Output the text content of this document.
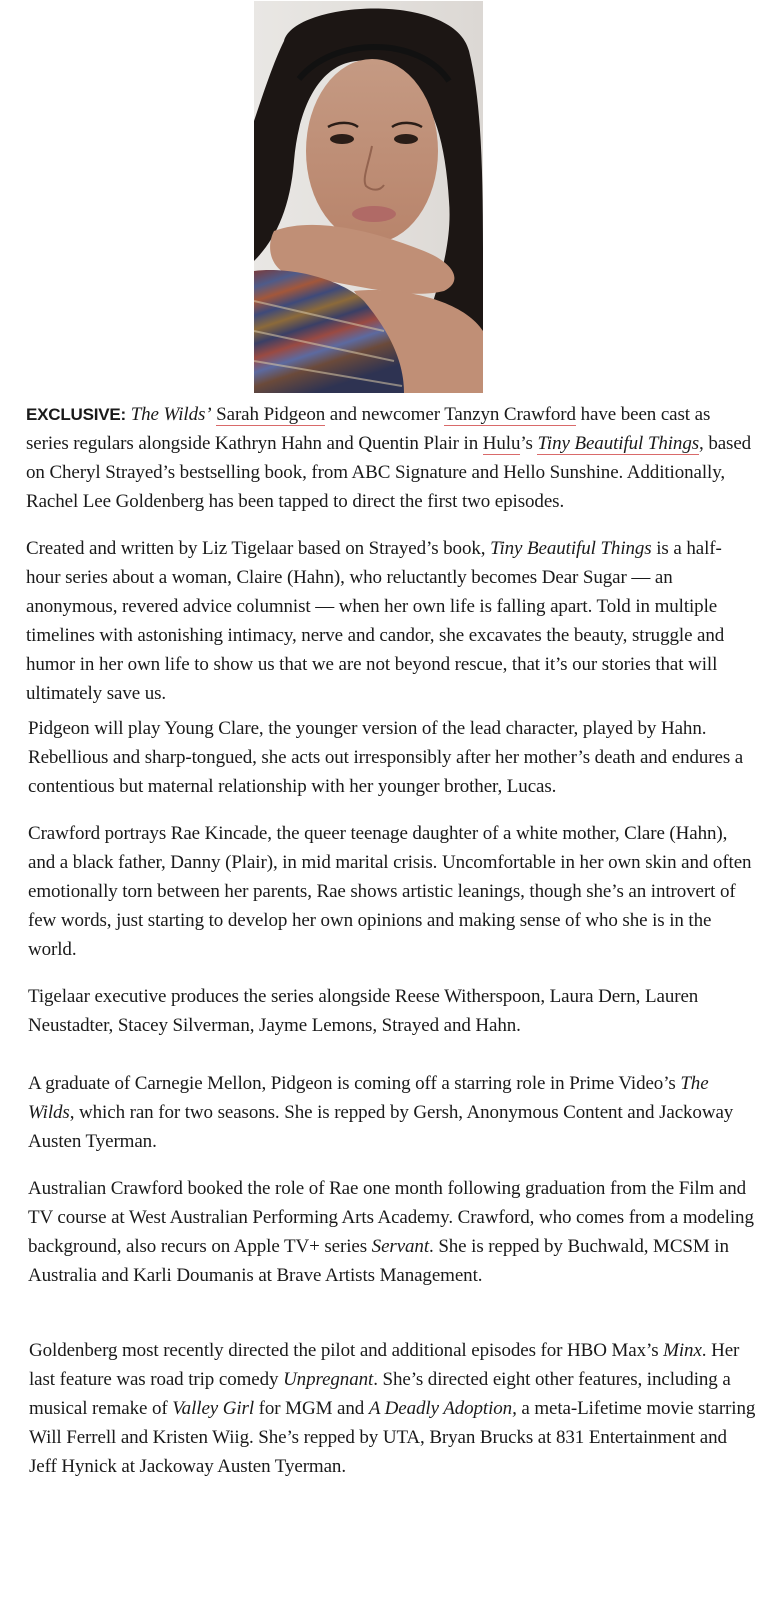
EXCLUSIVE: The Wilds’ Sarah Pidgeon and newcomer Tanzyn Crawford have been cast as series regulars alongside Kathryn Hahn and Quentin Plair in Hulu’s Tiny Beautiful Things, based on Cheryl Strayed’s bestselling book, from ABC Signature and Hello Sunshine. Additionally, Rachel Lee Goldenberg has been tapped to direct the first two episodes.

Created and written by Liz Tigelaar based on Strayed’s book, Tiny Beautiful Things is a half-hour series about a woman, Claire (Hahn), who reluctantly becomes Dear Sugar — an anonymous, revered advice columnist — when her own life is falling apart. Told in multiple timelines with astonishing intimacy, nerve and candor, she excavates the beauty, struggle and humor in her own life to show us that we are not beyond rescue, that it’s our stories that will ultimately save us.

Pidgeon will play Young Clare, the younger version of the lead character, played by Hahn. Rebellious and sharp-tongued, she acts out irresponsibly after her mother’s death and endures a contentious but maternal relationship with her younger brother, Lucas.

Crawford portrays Rae Kincade, the queer teenage daughter of a white mother, Clare (Hahn), and a black father, Danny (Plair), in mid marital crisis. Uncomfortable in her own skin and often emotionally torn between her parents, Rae shows artistic leanings, though she’s an introvert of few words, just starting to develop her own opinions and making sense of who she is in the world.

Tigelaar executive produces the series alongside Reese Witherspoon, Laura Dern, Lauren Neustadter, Stacey Silverman, Jayme Lemons, Strayed and Hahn.

A graduate of Carnegie Mellon, Pidgeon is coming off a starring role in Prime Video’s The Wilds, which ran for two seasons. She is repped by Gersh, Anonymous Content and Jackoway Austen Tyerman.

Australian Crawford booked the role of Rae one month following graduation from the Film and TV course at West Australian Performing Arts Academy. Crawford, who comes from a modeling background, also recurs on Apple TV+ series Servant. She is repped by Buchwald, MCSM in Australia and Karli Doumanis at Brave Artists Management.

Goldenberg most recently directed the pilot and additional episodes for HBO Max’s Minx. Her last feature was road trip comedy Unpregnant. She’s directed eight other features, including a musical remake of Valley Girl for MGM and A Deadly Adoption, a meta-Lifetime movie starring Will Ferrell and Kristen Wiig. She’s repped by UTA, Bryan Brucks at 831 Entertainment and Jeff Hynick at Jackoway Austen Tyerman.
